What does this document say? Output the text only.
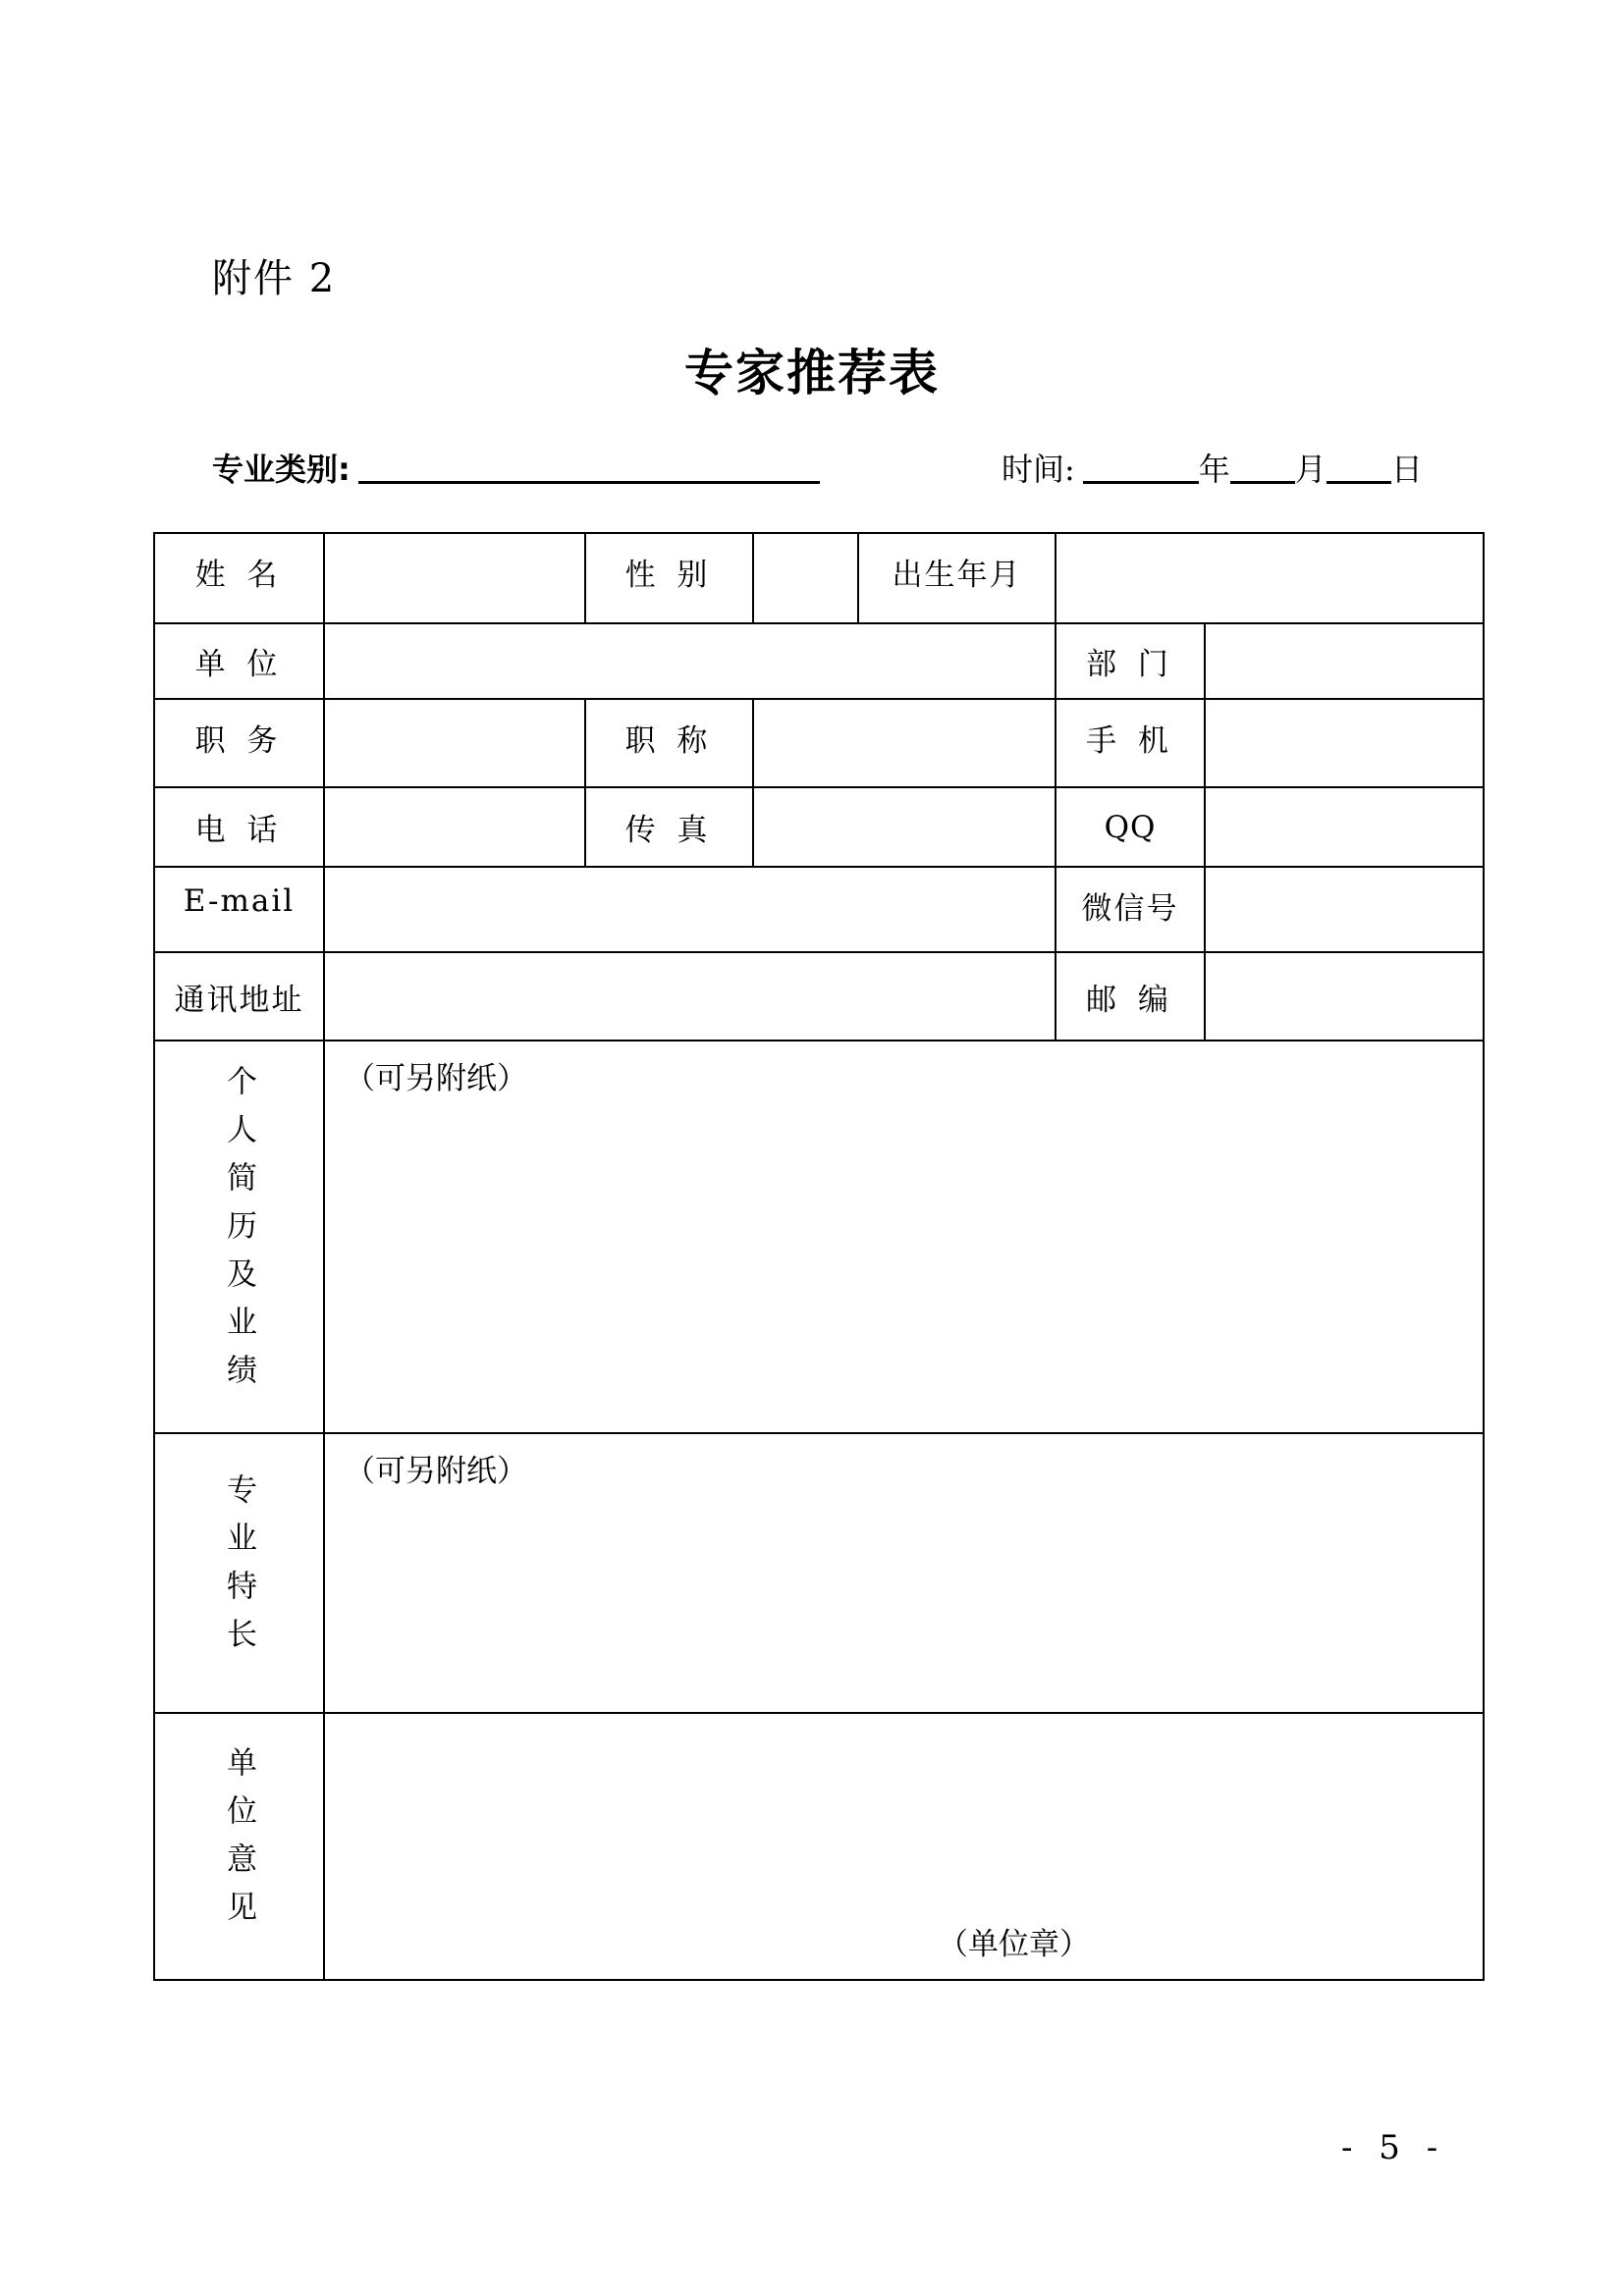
附件 2
专家推荐表
专业类别:	时间:	年 月 日
姓 名		性 别		出生年月		
单 位					部 门	
职 务		职 称			手 机	
电 话		传 真			QQ	
E-mail					微信号	
通讯地址					邮 编	
个人简历及业绩	（可另附纸）					
专业特长	（可另附纸）					
单位意见	（单位章）					
- 5 -
